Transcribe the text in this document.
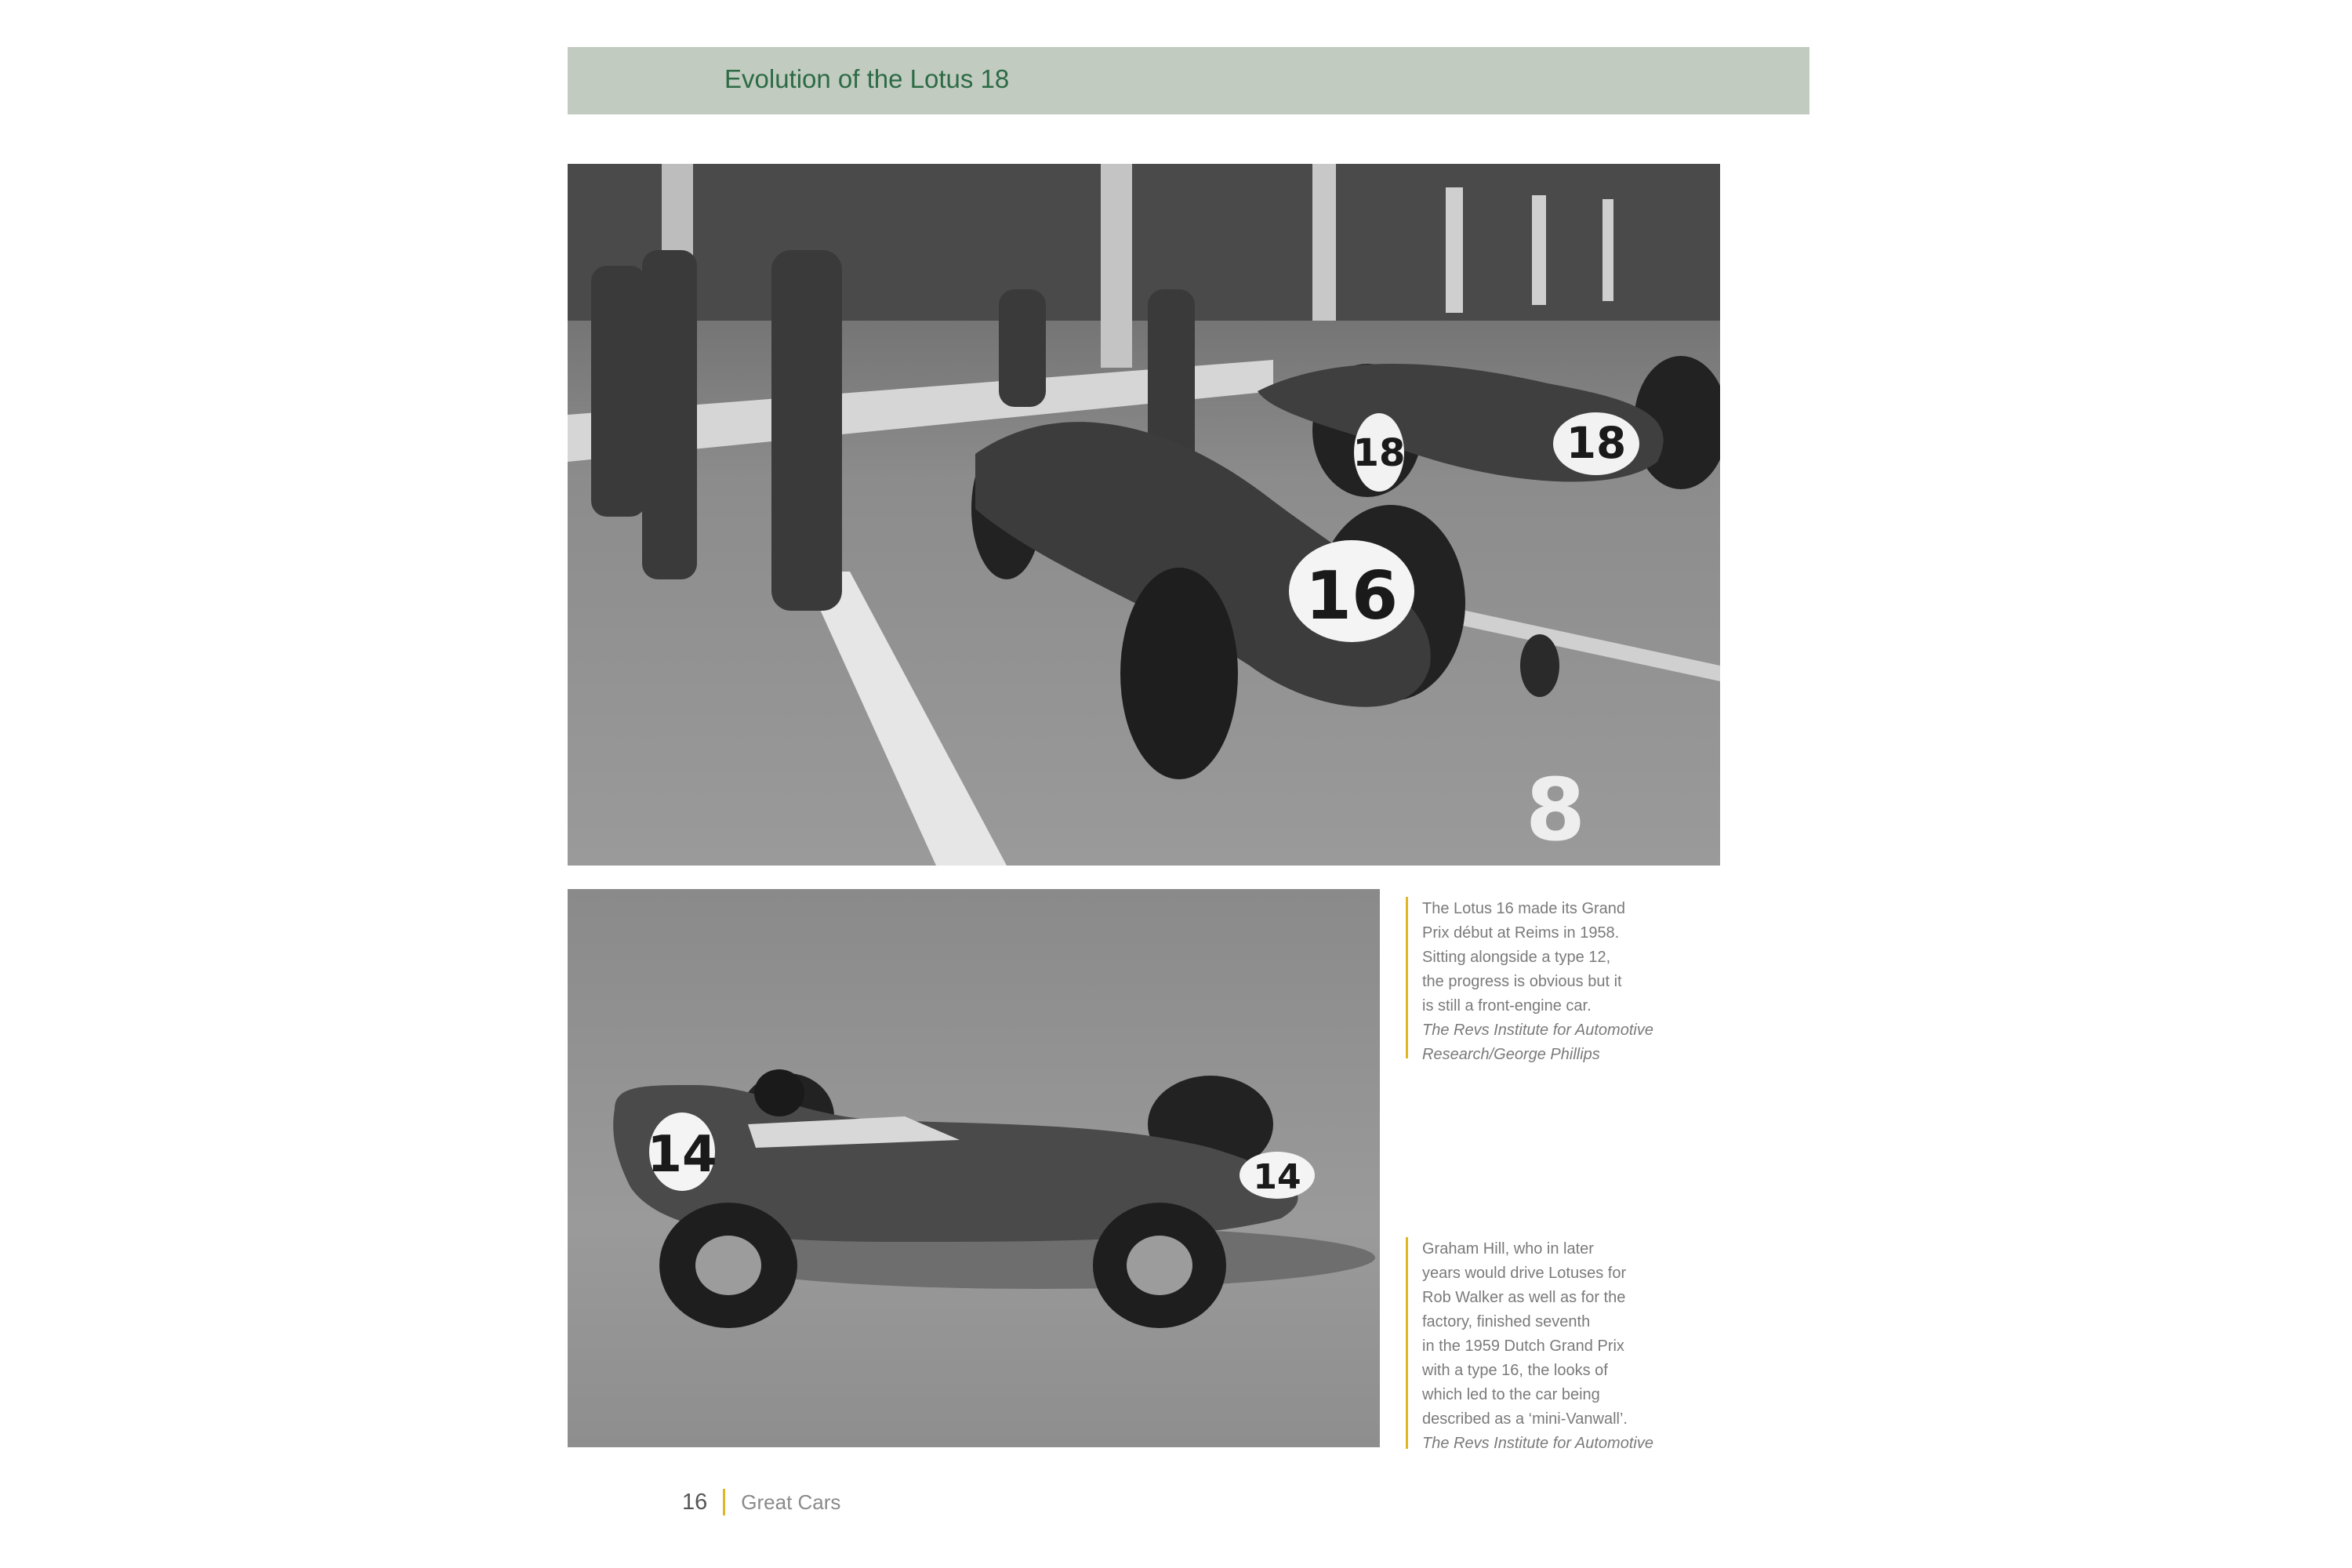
Evolution of the Lotus 18
16
18	18
8
14	14
The Lotus 16 made its Grand
Prix début at Reims in 1958.
Sitting alongside a type 12,
the progress is obvious but it
is still a front-engine car.
The Revs Institute for Automotive
Research/George Phillips
Graham Hill, who in later
years would drive Lotuses for
Rob Walker as well as for the
factory, finished seventh
in the 1959 Dutch Grand Prix
with a type 16, the looks of
which led to the car being
described as a ‘mini-Vanwall’.
The Revs Institute for Automotive
16 Great Cars
